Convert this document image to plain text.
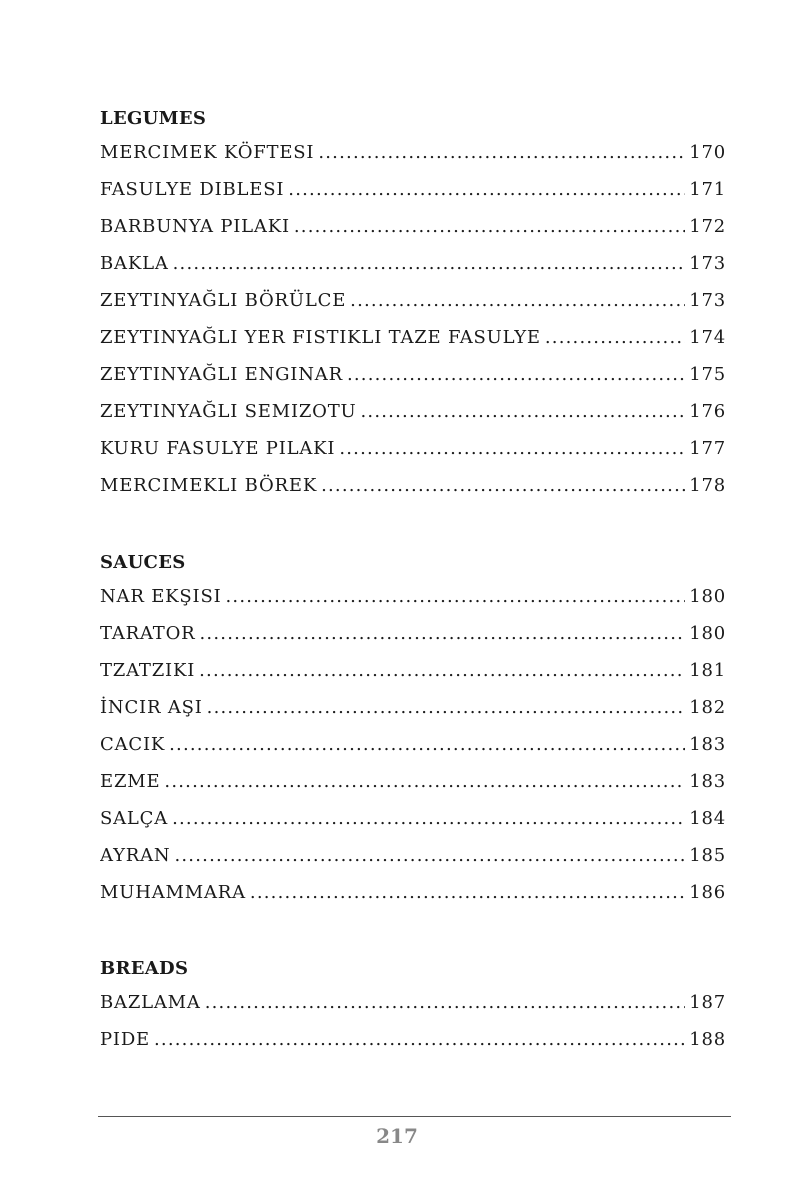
LEGUMES
MERCIMEK KÖFTESI .....	170
FASULYE DIBLESI .....	171
BARBUNYA PILAKI .....	172
BAKLA .....	173
ZEYTINYAĞLI BÖRÜLCE .....	173
ZEYTINYAĞLI YER FISTIKLI TAZE FASULYE .....	174
ZEYTINYAĞLI ENGINAR .....	175
ZEYTINYAĞLI SEMIZOTU .....	176
KURU FASULYE PILAKI .....	177
MERCIMEKLI BÖREK .....	178
SAUCES
NAR EKŞISI .....	180
TARATOR .....	180
TZATZIKI .....	181
İNCIR AŞI .....	182
CACIK .....	183
EZME .....	183
SALÇA .....	184
AYRAN .....	185
MUHAMMARA .....	186
BREADS
BAZLAMA .....	187
PIDE .....	188
217
